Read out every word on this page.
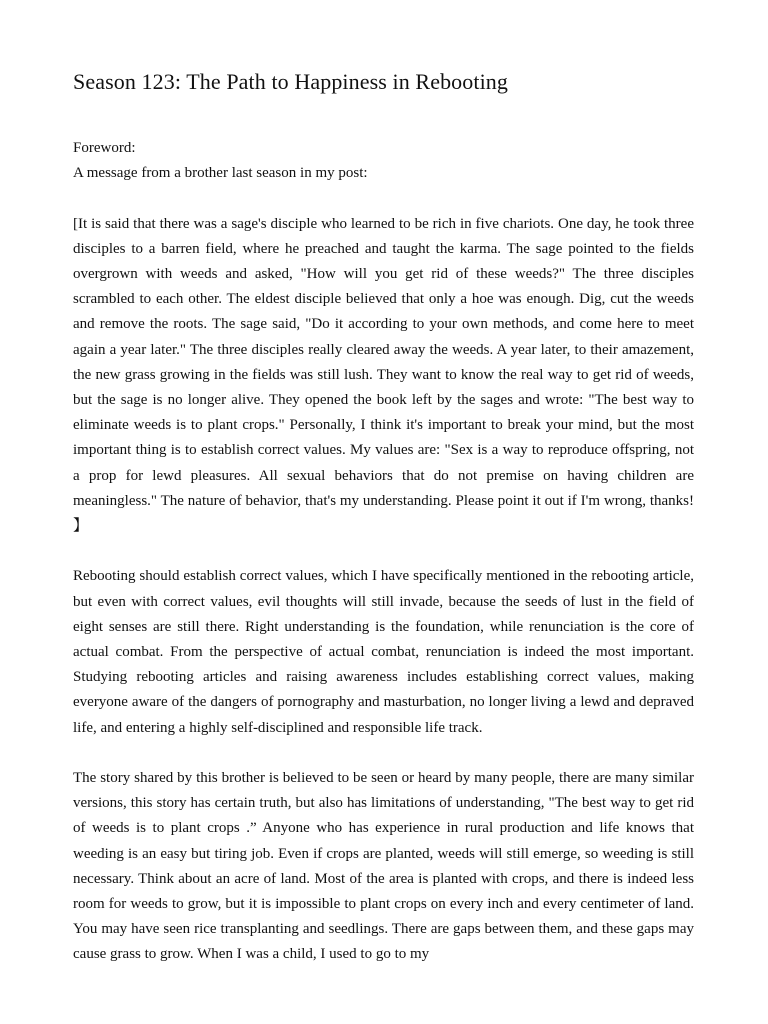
Season 123: The Path to Happiness in Rebooting

Foreword:

A message from a brother last season in my post:

[It is said that there was a sage's disciple who learned to be rich in five chariots. One day, he took three disciples to a barren field, where he preached and taught the karma. The sage pointed to the fields overgrown with weeds and asked, "How will you get rid of these weeds?" The three disciples scrambled to each other. The eldest disciple believed that only a hoe was enough. Dig, cut the weeds and remove the roots. The sage said, "Do it according to your own methods, and come here to meet again a year later." The three disciples really cleared away the weeds. A year later, to their amazement, the new grass growing in the fields was still lush. They want to know the real way to get rid of weeds, but the sage is no longer alive. They opened the book left by the sages and wrote: "The best way to eliminate weeds is to plant crops." Personally, I think it's important to break your mind, but the most important thing is to establish correct values. My values are: "Sex is a way to reproduce offspring, not a prop for lewd pleasures. All sexual behaviors that do not premise on having children are meaningless." The nature of behavior, that's my understanding. Please point it out if I'm wrong, thanks! 】

Rebooting should establish correct values, which I have specifically mentioned in the rebooting article, but even with correct values, evil thoughts will still invade, because the seeds of lust in the field of eight senses are still there. Right understanding is the foundation, while renunciation is the core of actual combat. From the perspective of actual combat, renunciation is indeed the most important. Studying rebooting articles and raising awareness includes establishing correct values, making everyone aware of the dangers of pornography and masturbation, no longer living a lewd and depraved life, and entering a highly self-disciplined and responsible life track.

The story shared by this brother is believed to be seen or heard by many people, there are many similar versions, this story has certain truth, but also has limitations of understanding, "The best way to get rid of weeds is to plant crops .” Anyone who has experience in rural production and life knows that weeding is an easy but tiring job. Even if crops are planted, weeds will still emerge, so weeding is still necessary. Think about an acre of land. Most of the area is planted with crops, and there is indeed less room for weeds to grow, but it is impossible to plant crops on every inch and every centimeter of land. You may have seen rice transplanting and seedlings. There are gaps between them, and these gaps may cause grass to grow. When I was a child, I used to go to my
